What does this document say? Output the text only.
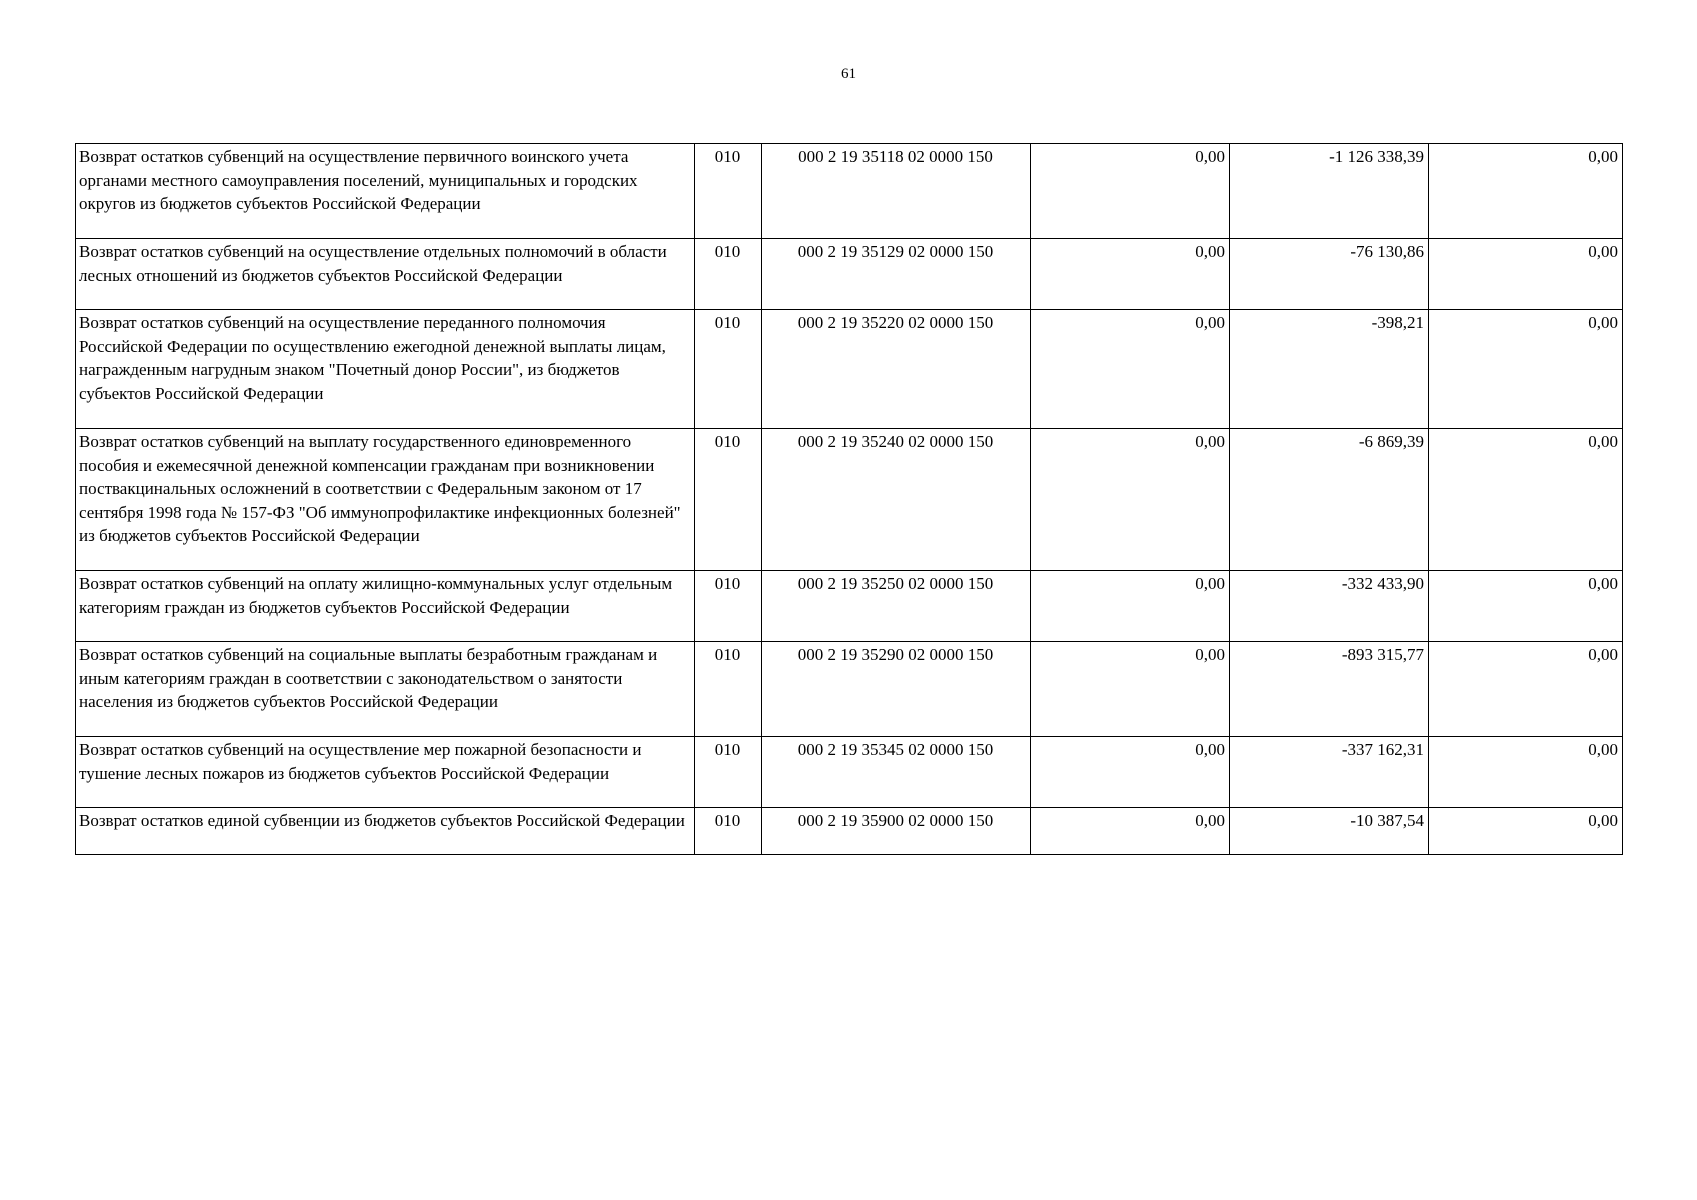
61
Возврат остатков субвенций на осуществление первичного воинского учета органами местного самоуправления поселений, муниципальных и городских округов из бюджетов субъектов Российской Федерации	010	000 2 19 35118 02 0000 150	0,00	-1 126 338,39	0,00
Возврат остатков субвенций на осуществление отдельных полномочий в области лесных отношений из бюджетов субъектов Российской Федерации	010	000 2 19 35129 02 0000 150	0,00	-76 130,86	0,00
Возврат остатков субвенций на осуществление переданного полномочия Российской Федерации по осуществлению ежегодной денежной выплаты лицам, награжденным нагрудным знаком "Почетный донор России", из бюджетов субъектов Российской Федерации	010	000 2 19 35220 02 0000 150	0,00	-398,21	0,00
Возврат остатков субвенций на выплату государственного единовременного пособия и ежемесячной денежной компенсации гражданам при возникновении поствакцинальных осложнений в соответствии с Федеральным законом от 17 сентября 1998 года № 157-ФЗ "Об иммунопрофилактике инфекционных болезней" из бюджетов субъектов Российской Федерации	010	000 2 19 35240 02 0000 150	0,00	-6 869,39	0,00
Возврат остатков субвенций на оплату жилищно-коммунальных услуг отдельным категориям граждан из бюджетов субъектов Российской Федерации	010	000 2 19 35250 02 0000 150	0,00	-332 433,90	0,00
Возврат остатков субвенций на социальные выплаты безработным гражданам и иным категориям граждан в соответствии с законодательством о занятости населения из бюджетов субъектов Российской Федерации	010	000 2 19 35290 02 0000 150	0,00	-893 315,77	0,00
Возврат остатков субвенций на осуществление мер пожарной безопасности и тушение лесных пожаров из бюджетов субъектов Российской Федерации	010	000 2 19 35345 02 0000 150	0,00	-337 162,31	0,00
Возврат остатков единой субвенции из бюджетов субъектов Российской Федерации	010	000 2 19 35900 02 0000 150	0,00	-10 387,54	0,00
